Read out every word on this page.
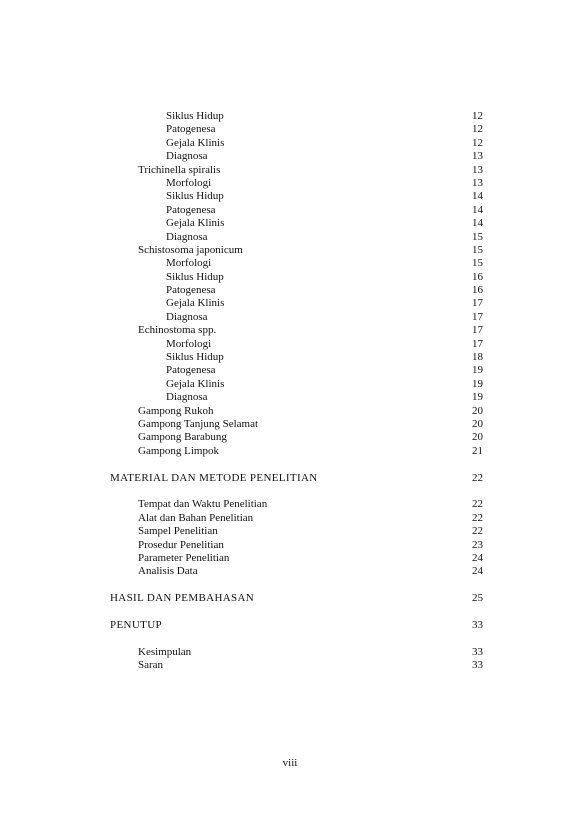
Siklus Hidup	12
Patogenesa	12
Gejala Klinis	12
Diagnosa	13
Trichinella spiralis	13
Morfologi	13
Siklus Hidup	14
Patogenesa	14
Gejala Klinis	14
Diagnosa	15
Schistosoma japonicum	15
Morfologi	15
Siklus Hidup	16
Patogenesa	16
Gejala Klinis	17
Diagnosa	17
Echinostoma spp.	17
Morfologi	17
Siklus Hidup	18
Patogenesa	19
Gejala Klinis	19
Diagnosa	19
Gampong Rukoh	20
Gampong Tanjung Selamat	20
Gampong Barabung	20
Gampong Limpok	21
MATERIAL DAN METODE PENELITIAN	22
Tempat dan Waktu Penelitian	22
Alat dan Bahan Penelitian	22
Sampel Penelitian	22
Prosedur Penelitian	23
Parameter Penelitian	24
Analisis Data	24
HASIL DAN PEMBAHASAN	25
PENUTUP	33
Kesimpulan	33
Saran	33
viii
